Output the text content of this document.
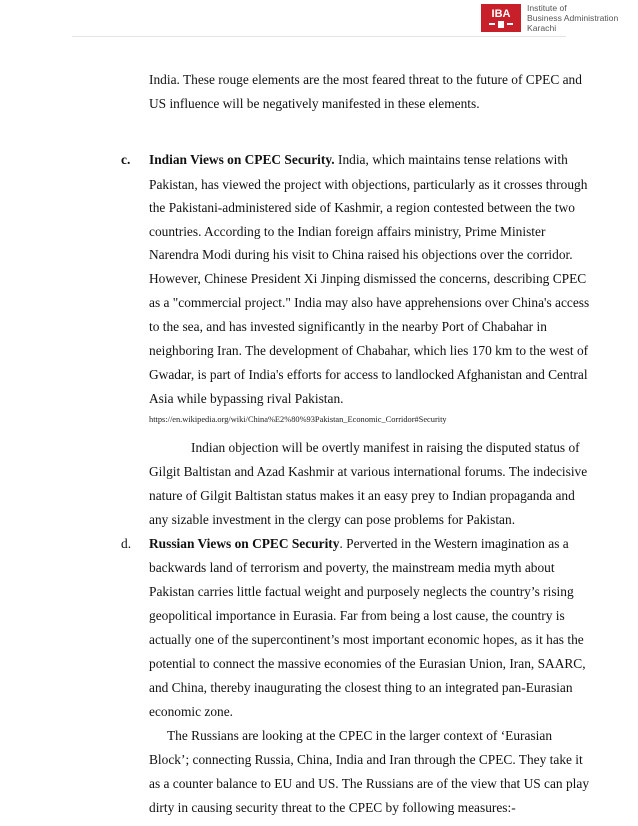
IBA Institute of
Business Administration
Karachi
India. These rouge elements are the most feared threat to the future of CPEC and
US influence will be negatively manifested in these elements.
c. Indian Views on CPEC Security. India, which maintains tense relations with
Pakistan, has viewed the project with objections, particularly as it crosses through
the Pakistani-administered side of Kashmir, a region contested between the two
countries. According to the Indian foreign affairs ministry, Prime Minister
Narendra Modi during his visit to China raised his objections over the corridor.
However, Chinese President Xi Jinping dismissed the concerns, describing CPEC
as a "commercial project." India may also have apprehensions over China's access
to the sea, and has invested significantly in the nearby Port of Chabahar in
neighboring Iran. The development of Chabahar, which lies 170 km to the west of
Gwadar, is part of India's efforts for access to landlocked Afghanistan and Central
Asia while bypassing rival Pakistan.
https://en.wikipedia.org/wiki/China%E2%80%93Pakistan_Economic_Corridor#Security
Indian objection will be overtly manifest in raising the disputed status of
Gilgit Baltistan and Azad Kashmir at various international forums. The indecisive
nature of Gilgit Baltistan status makes it an easy prey to Indian propaganda and
any sizable investment in the clergy can pose problems for Pakistan.
d. Russian Views on CPEC Security. Perverted in the Western imagination as a
backwards land of terrorism and poverty, the mainstream media myth about
Pakistan carries little factual weight and purposely neglects the country’s rising
geopolitical importance in Eurasia. Far from being a lost cause, the country is
actually one of the supercontinent’s most important economic hopes, as it has the
potential to connect the massive economies of the Eurasian Union, Iran, SAARC,
and China, thereby inaugurating the closest thing to an integrated pan-Eurasian
economic zone.
The Russians are looking at the CPEC in the larger context of ‘Eurasian
Block’; connecting Russia, China, India and Iran through the CPEC. They take it
as a counter balance to EU and US. The Russians are of the view that US can play
dirty in causing security threat to the CPEC by following measures:-
